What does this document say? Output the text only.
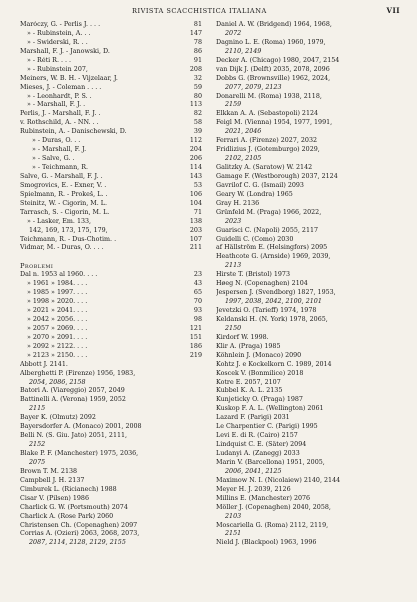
RIVISTA SCACCHISTICA ITALIANA	VII
Maróczy, G. - Perlis J. . . .	81
» - Rubinstein, A. . .	147
» - Swiderski, R. . .	78
Marshall, F. J. - Janowski, D.	86
» - Réti R. . . .	91
» - Rubinstein 207,	208
Meiners, W. B. H. - Vijzelaar, J.	32
Mieses, J. - Coleman . . . .	59
» - Leonhardt, P. S. .	80
» - Marshall, F. J. .	113
Perlis, J. - Marshall, F. J. .	82
v. Rothschild, A. - NN. . .	58
Rubinstein, A. - Danischewski, D.	39
» - Duras, O. . .	112
» - Marshall, F. J.	204
» - Salve, G. .	206
» - Teichmann, R.	114
Salve, G. - Marshall, F. J. .	143
Smogrovics, E. - Exner, V. .	53
Spielmann, R. - Prokeš, L. .	106
Steinitz, W. - Cigorin, M. L.	104
Tarrasch, S. - Cigorin, M. L.	71
» - Lasker, Em. 133,	138
142, 169, 173, 175, 179,	203
Teichmann, R. - Dus-Chotim. .	107
Vidmar, M. - Duras, O. . . .	211
Problemi
Dal n. 1953 al 1960. . . .	23
» 1961 » 1984. . . .	43
» 1985 » 1997. . . .	65
» 1998 » 2020. . . .	70
» 2021 » 2041. . . .	93
» 2042 » 2056. . . .	98
» 2057 » 2069. . . .	121
» 2070 » 2091. . . .	151
» 2092 » 2122. . . .	186
» 2123 » 2150. . . .	219
Abbott J. 2141.
Alberghetti P. (Firenze) 1956, 1983,
2054, 2086, 2158
Batori A. (Viareggio) 2057, 2049
Battinelli A. (Verona) 1959, 2052
2115
Bayer K. (Olmutz) 2092
Bayersdorfer A. (Monaco) 2001, 2008
Belli N. (S. Giu. Jato) 2051, 2111,
2152
Blake P. F. (Manchester) 1975, 2036,
2075
Brown T. M. 2138
Campbell J. H. 2137
Cimburek L. (Ricianech) 1988
Cisar V. (Pilsen) 1986
Charlick G. W. (Portsmouth) 2074
Charlick A. (Rose Park) 2060
Christensen Ch. (Copenaghen) 2097
Corrias A. (Ozieri) 2063, 2068, 2073,
2087, 2114, 2128, 2129, 2155
Daniel A. W. (Bridgend) 1964, 1968,
2072
Dagnino L. E. (Roma) 1960, 1979,
2110, 2149
Decker A. (Chicago) 1980, 2047, 2154
van Dijk J. (Delft) 2035, 2078, 2096
Dobbs G. (Brownsville) 1962, 2024,
2077, 2079, 2123
Donarelli M. (Roma) 1938, 2118,
2159
Elkkan A. A. (Sebastopoli) 2124
Feigl M. (Vienna) 1954, 1977, 1991,
2021, 2046
Ferrari A. (Firenze) 2027, 2032
Fridlizius J. (Gotemburgo) 2029,
2102, 2105
Galitzky A. (Saratow) W. 2142
Gamage F. (Westborough) 2037, 2124
Gavrilof C. G. (Ismail) 2093
Geary W. (Londra) 1965
Gray H. 2136
Grünfeld M. (Praga) 1966, 2022,
2023
Guarisci C. (Napoli) 2055, 2117
Guidelli C. (Como) 2030
af Hällström E. (Helsingfors) 2095
Heathcote G. (Arnside) 1969, 2039,
2113
Hirste T. (Bristol) 1973
Høeg N. (Copenaghen) 2104
Jespersen J. (Svendborg) 1827, 1953,
1997, 2038, 2042, 2100, 2101
Jevetzki O. (Tarieff) 1974, 1978
Keldanski H. (N. York) 1978, 2065,
2150
Kirdorf W. 1998.
Klir A. (Praga) 1985
Köhnlein J. (Monaco) 2090
Kohtz J. e Kockelkorn C. 1989, 2014
Koscek V. (Bonmilice) 2018
Kotre E. 2057, 2107
Kubbel K. A. L. 2135
Kunjeticky O. (Praga) 1987
Kuskop F. A. L. (Wellington) 2061
Lazard F. (Parigi) 2031
Le Charpentier C. (Parigi) 1995
Levi E. di R. (Cairo) 2157
Lindquist C. E. (Säter) 2094
Ludanyi A. (Zanegg) 2033
Marin V. (Barcellona) 1951, 2005,
2006, 2041, 2125
Maximow N. I. (Nicolaiew) 2140, 2144
Meyer H. J. 2039, 2126
Millins E. (Manchester) 2076
Möller J. (Copenaghen) 2040, 2058,
2103
Moscariella G. (Roma) 2112, 2119,
2151
Nield J. (Blackpool) 1963, 1996
